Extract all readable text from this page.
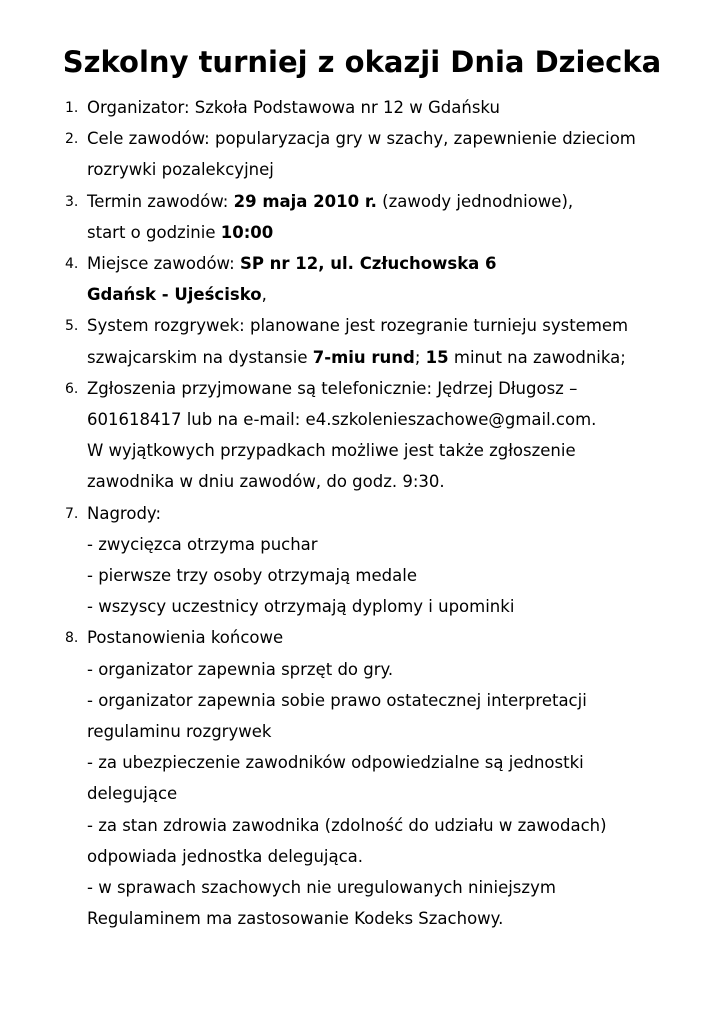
Szkolny turniej z okazji Dnia Dziecka
1. Organizator: Szkoła Podstawowa nr 12 w Gdańsku
2. Cele zawodów: popularyzacja gry w szachy, zapewnienie dzieciom
rozrywki pozalekcyjnej
3. Termin zawodów: 29 maja 2010 r. (zawody jednodniowe),
start o godzinie 10:00
4. Miejsce zawodów: SP nr 12, ul. Człuchowska 6
Gdańsk - Ujeścisko,
5. System rozgrywek: planowane jest rozegranie turnieju systemem
szwajcarskim na dystansie 7-miu rund; 15 minut na zawodnika;
6. Zgłoszenia przyjmowane są telefonicznie: Jędrzej Długosz –
601618417 lub na e-mail: e4.szkolenieszachowe@gmail.com.
W wyjątkowych przypadkach możliwe jest także zgłoszenie
zawodnika w dniu zawodów, do godz. 9:30.
7. Nagrody:
- zwycięzca otrzyma puchar
- pierwsze trzy osoby otrzymają medale
- wszyscy uczestnicy otrzymają dyplomy i upominki
8. Postanowienia końcowe
- organizator zapewnia sprzęt do gry.
- organizator zapewnia sobie prawo ostatecznej interpretacji
regulaminu rozgrywek
- za ubezpieczenie zawodników odpowiedzialne są jednostki
delegujące
- za stan zdrowia zawodnika (zdolność do udziału w zawodach)
odpowiada jednostka delegująca.
- w sprawach szachowych nie uregulowanych niniejszym
Regulaminem ma zastosowanie Kodeks Szachowy.
